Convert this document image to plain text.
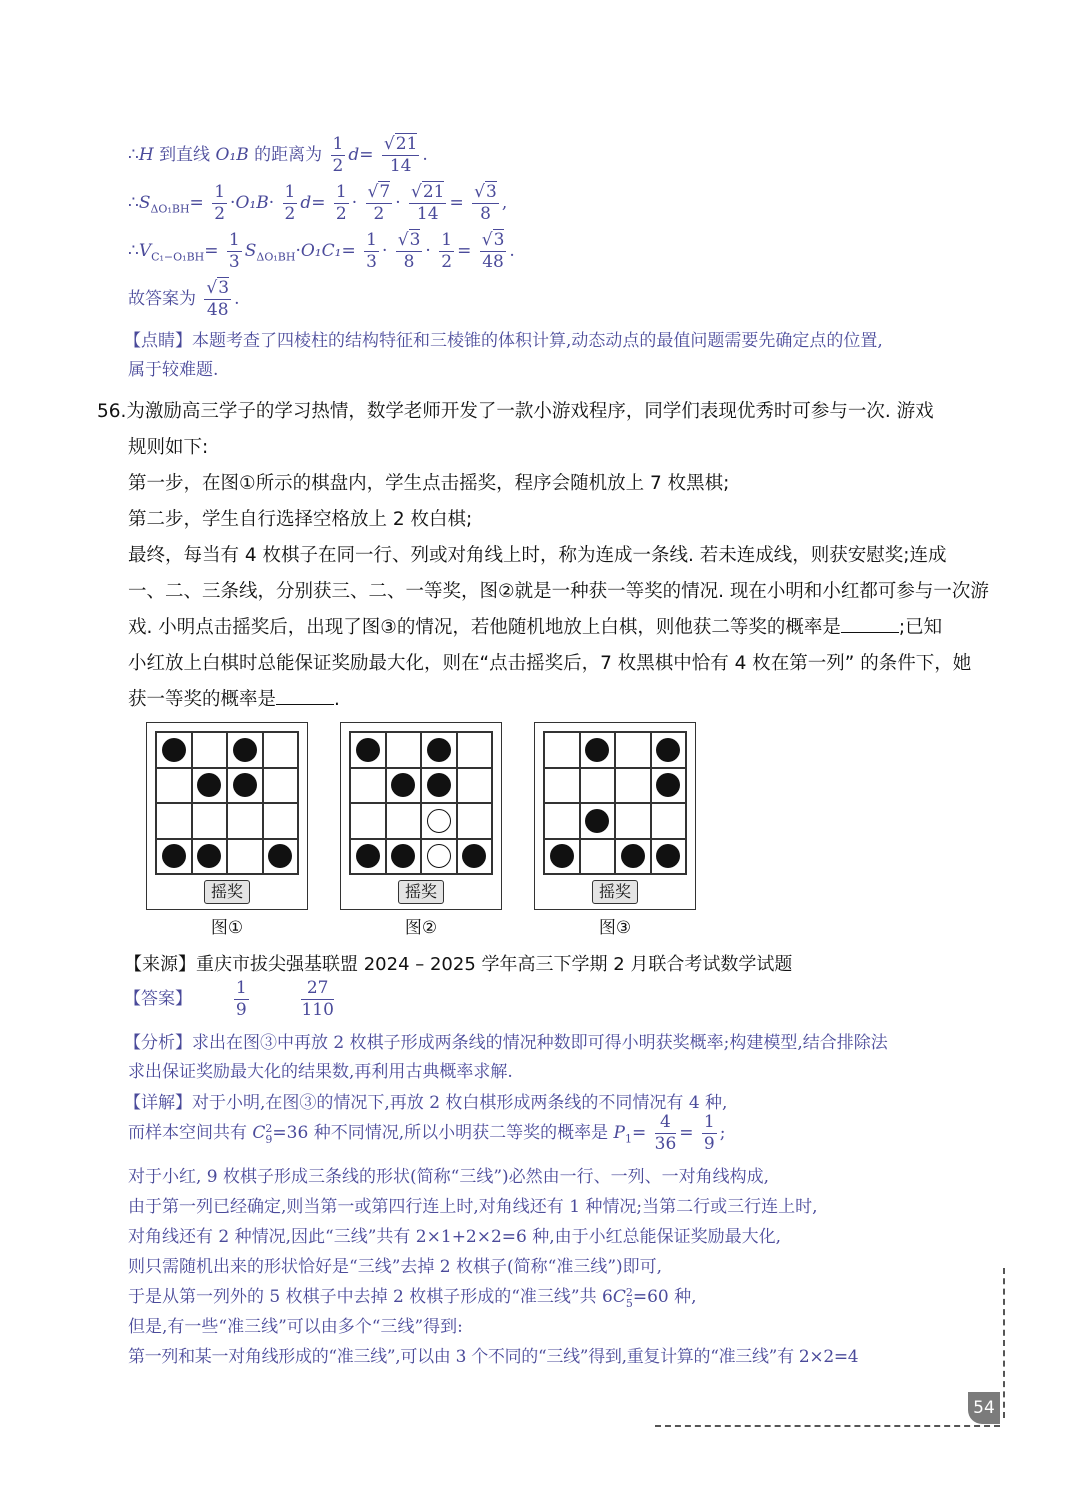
∴H 到直线 O₁B 的距离为 $\frac{1}{2} d= \frac{√21}{14}$ .
$\therefore S_{\Delta O_1BH}= \frac{1}{2} \cdot O_1B\cdot \frac{1}{2} d= \frac{1}{2} \cdot \frac{√7}{2} \cdot \frac{√21}{14} = \frac{√3}{8}$ ,
$\therefore V_{C_1-O_1BH}= \frac{1}{3} S_{\Delta O_1BH}\cdot O_1C_1= \frac{1}{3} \cdot \frac{√3}{8} \cdot \frac{1}{2} = \frac{√3}{48}$ .
故答案为 $\frac{√3}{48}$ .
【点睛】本题考查了四棱柱的结构特征和三棱锥的体积计算,动态动点的最值问题需要先确定点的位置,
属于较难题.
56.为激励高三学子的学习热情，数学老师开发了一款小游戏程序，同学们表现优秀时可参与一次. 游戏
规则如下:
第一步，在图①所示的棋盘内，学生点击摇奖，程序会随机放上 7 枚黑棋;
第二步，学生自行选择空格放上 2 枚白棋;
最终，每当有 4 枚棋子在同一行、列或对角线上时，称为连成一条线. 若未连成线，则获安慰奖;连成
一、二、三条线，分别获三、二、一等奖，图②就是一种获一等奖的情况. 现在小明和小红都可参与一次游
戏. 小明点击摇奖后，出现了图③的情况，若他随机地放上白棋，则他获二等奖的概率是	;已知
小红放上白棋时总能保证奖励最大化，则在“点击摇奖后，7 枚黑棋中恰有 4 枚在第一列” 的条件下，她
获一等奖的概率是	.
摇奖
图①
摇奖
图②
摇奖
图③
【来源】重庆市拔尖强基联盟 2024 – 2025 学年高三下学期 2 月联合考试数学试题
【答案】 $\frac{1}{9}$
	$\frac{27}{110}$
【分析】求出在图③中再放 2 枚棋子形成两条线的情况种数即可得小明获奖概率;构建模型,结合排除法
求出保证奖励最大化的结果数,再利用古典概率求解.
【详解】对于小明,在图③的情况下,再放 2 枚白棋形成两条线的不同情况有 4 种,
而样本空间共有 C 2
9 =36 种不同情况,所以小明获二等奖的概率是 $P_1= \frac{4}{36} = \frac{1}{9}$ ;
对于小红, 9 枚棋子形成三条线的形状(简称“三线”)必然由一行、一列、一对角线构成,
由于第一列已经确定,则当第一或第四行连上时,对角线还有 1 种情况;当第二行或三行连上时,
对角线还有 2 种情况,因此“三线”共有 2×1+2×2=6 种,由于小红总能保证奖励最大化,
则只需随机出来的形状恰好是“三线”去掉 2 枚棋子(简称“准三线”)即可,
于是从第一列外的 5 枚棋子中去掉 2 枚棋子形成的“准三线”共 6C 2
5 =60 种,
但是,有一些“准三线”可以由多个“三线”得到:
第一列和某一对角线形成的“准三线”,可以由 3 个不同的“三线”得到,重复计算的“准三线”有 2×2=4
54
